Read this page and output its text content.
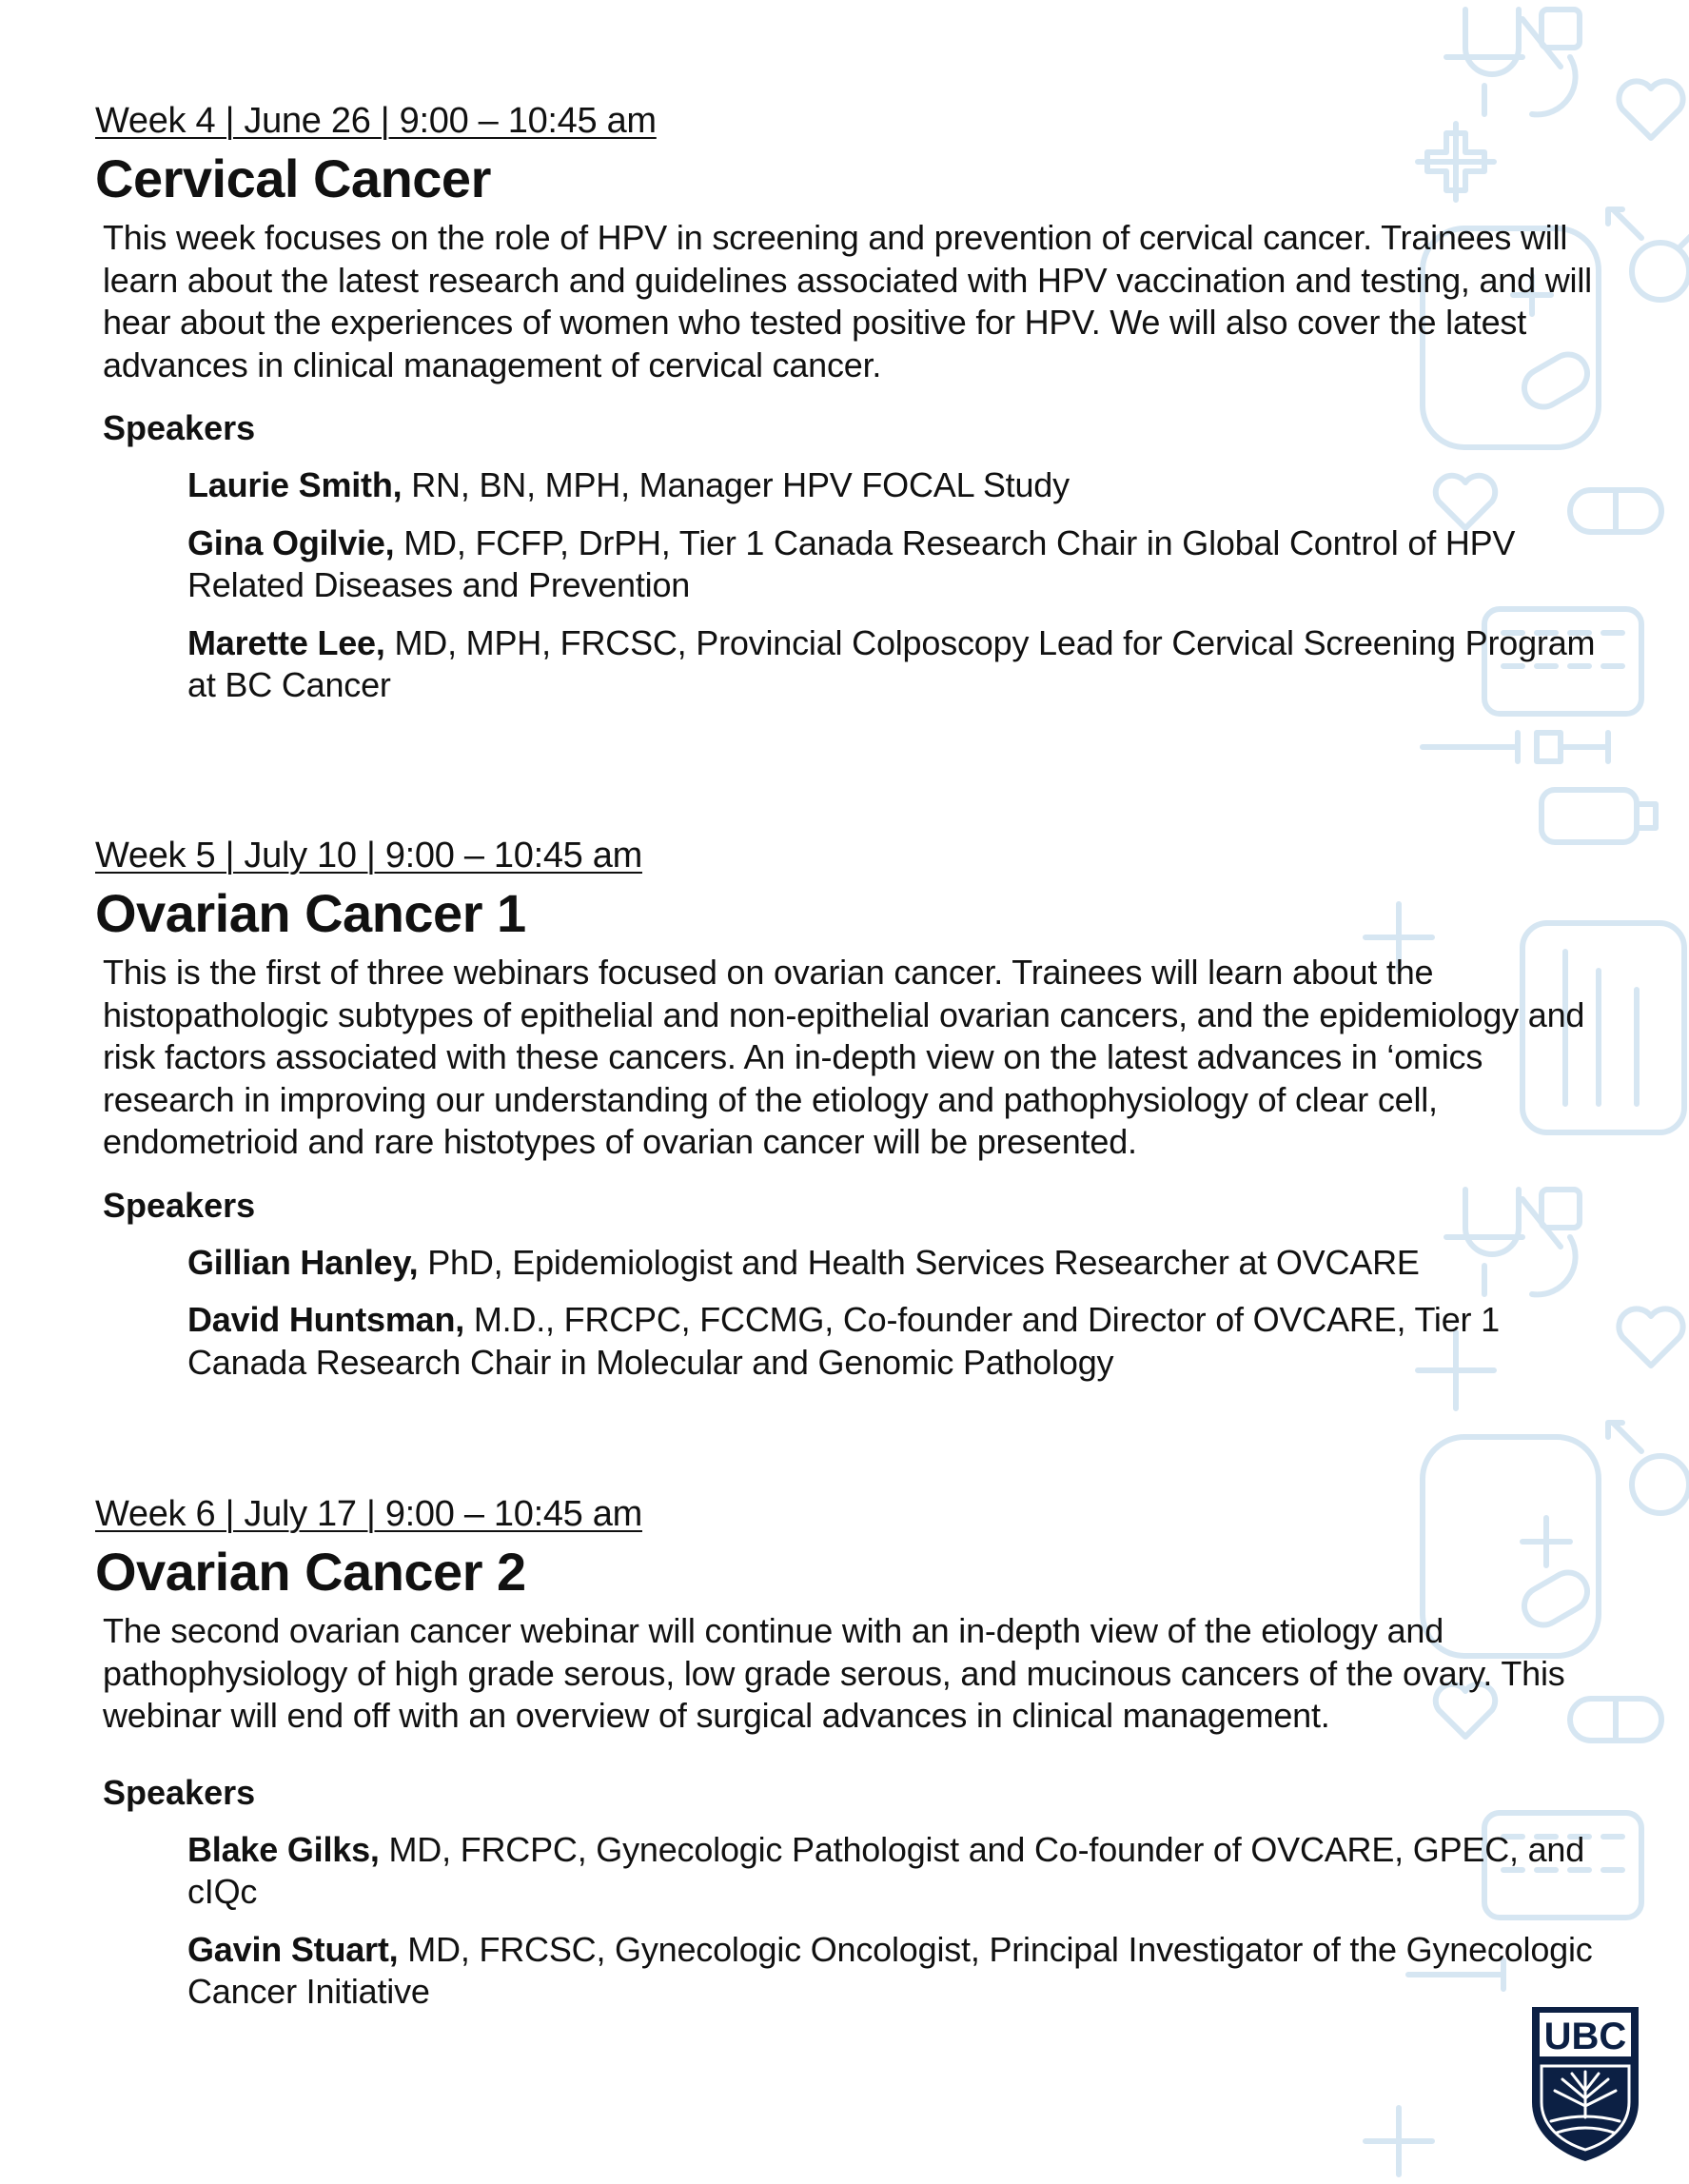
Week 4 | June 26 | 9:00 – 10:45 am
Cervical Cancer
This week focuses on the role of HPV in screening and prevention of cervical cancer. Trainees will learn about the latest research and guidelines associated with HPV vaccination and testing, and will hear about the experiences of women who tested positive for HPV. We will also cover the latest advances in clinical management of cervical cancer.
Speakers
Laurie Smith, RN, BN, MPH, Manager HPV FOCAL Study
Gina Ogilvie, MD, FCFP, DrPH, Tier 1 Canada Research Chair in Global Control of HPV Related Diseases and Prevention
Marette Lee, MD, MPH, FRCSC, Provincial Colposcopy Lead for Cervical Screening Program at BC Cancer
Week 5 | July 10 | 9:00 – 10:45 am
Ovarian Cancer 1
This is the first of three webinars focused on ovarian cancer. Trainees will learn about the histopathologic subtypes of epithelial and non-epithelial ovarian cancers, and the epidemiology and risk factors associated with these cancers. An in-depth view on the latest advances in ‘omics research in improving our understanding of the etiology and pathophysiology of clear cell, endometrioid and rare histotypes of ovarian cancer will be presented.
Speakers
Gillian Hanley, PhD, Epidemiologist and Health Services Researcher at OVCARE
David Huntsman, M.D., FRCPC, FCCMG, Co-founder and Director of OVCARE, Tier 1 Canada Research Chair in Molecular and Genomic Pathology
Week 6 | July 17 | 9:00 – 10:45 am
Ovarian Cancer 2
The second ovarian cancer webinar will continue with an in-depth view of the etiology and pathophysiology of high grade serous, low grade serous, and mucinous cancers of the ovary. This webinar will end off with an overview of surgical advances in clinical management.
Speakers
Blake Gilks, MD, FRCPC, Gynecologic Pathologist and Co-founder of OVCARE, GPEC, and cIQc
Gavin Stuart, MD, FRCSC, Gynecologic Oncologist, Principal Investigator of the Gynecologic Cancer Initiative
UBC
